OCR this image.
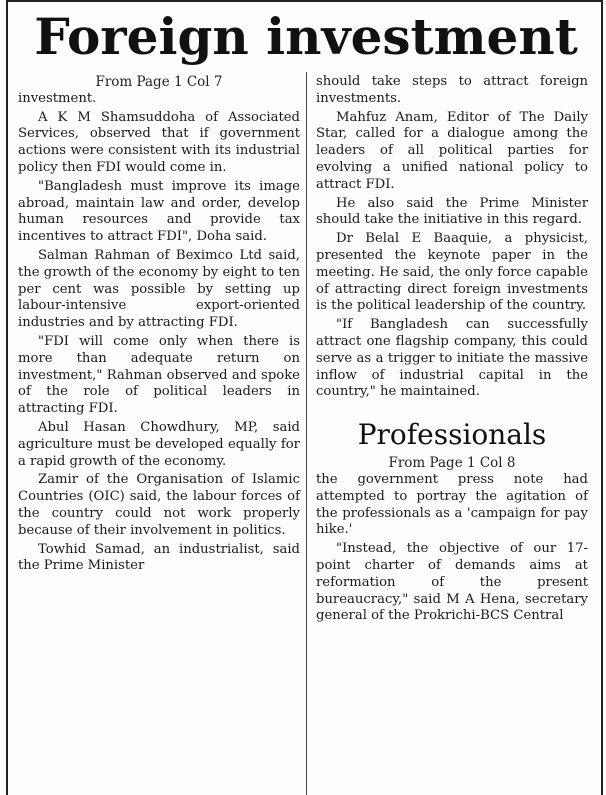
Foreign investment
From Page 1 Col 7

investment.

A K M Shamsuddoha of Associated Services, observed that if government actions were consistent with its industrial policy then FDI would come in.

"Bangladesh must improve its image abroad, maintain law and order, develop human resources and provide tax incentives to attract FDI", Doha said.

Salman Rahman of Beximco Ltd said, the growth of the economy by eight to ten per cent was possible by setting up labour-intensive export-oriented industries and by attracting FDI.

"FDI will come only when there is more than adequate return on investment," Rahman observed and spoke of the role of political leaders in attracting FDI.

Abul Hasan Chowdhury, MP, said agriculture must be developed equally for a rapid growth of the economy.

Zamir of the Organisation of Islamic Countries (OIC) said, the labour forces of the country could not work properly because of their involvement in politics.

Towhid Samad, an industrialist, said the Prime Minister

should take steps to attract foreign investments.

Mahfuz Anam, Editor of The Daily Star, called for a dialogue among the leaders of all political parties for evolving a unified national policy to attract FDI.

He also said the Prime Minister should take the initiative in this regard.

Dr Belal E Baaquie, a physicist, presented the keynote paper in the meeting. He said, the only force capable of attracting direct foreign investments is the political leadership of the country.

"If Bangladesh can successfully attract one flagship company, this could serve as a trigger to initiate the massive inflow of industrial capital in the country," he maintained.

Professionals
From Page 1 Col 8

the government press note had attempted to portray the agitation of the professionals as a 'campaign for pay hike.'

"Instead, the objective of our 17-point charter of demands aims at reformation of the present bureaucracy," said M A Hena, secretary general of the Prokrichi-BCS Central
